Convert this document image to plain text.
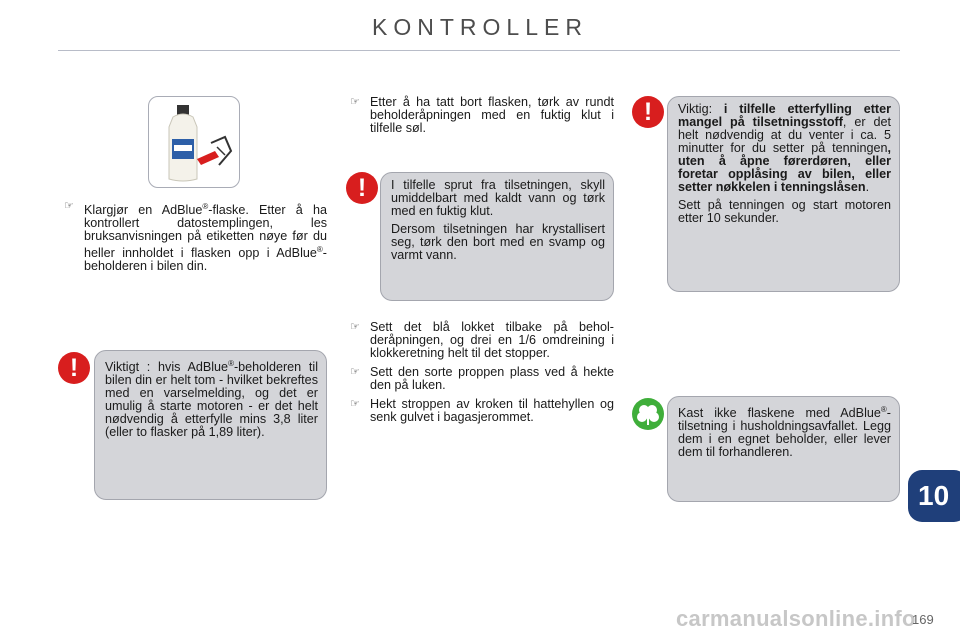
KONTROLLER
☞ Klargjør en AdBlue®-flaske. Etter å ha kontrollert datostemplingen, les bruksanvisningen på etiketten nøye før du heller innholdet i flasken opp i AdBlue®-beholderen i bilen din.

Viktigt : hvis AdBlue®-beholderen til bilen din er helt tom - hvilket bekreftes med en varselmelding, og det er umulig å starte motoren - er det helt nødvendig å etterfylle mins 3,8 liter (eller to flasker på 1,89 liter).

!
☞ Etter å ha tatt bort flasken, tørk av rundt beholderåpningen med en fuktig klut i tilfelle søl.

I tilfelle sprut fra tilsetningen, skyll umiddelbart med kaldt vann og tørk med en fuktig klut.

Dersom tilsetningen har krystallisert seg, tørk den bort med en svamp og varmt vann.

!
☞ Sett det blå lokket tilbake på beholderåpningen, og drei en 1/6 omdreining i klokkeretning helt til det stopper.
☞ Sett den sorte proppen plass ved å hekte den på luken.
☞ Hekt stroppen av kroken til hattehyllen og senk gulvet i bagasjerommet.

Viktig: i tilfelle etterfylling etter mangel på tilsetningsstoff, er det helt nødvendig at du venter i ca. 5 minutter for du setter på tenningen, uten å åpne førerdøren, eller foretar opplåsing av bilen, eller setter nøkkelen i tenningslåsen.

Sett på tenningen og start motoren etter 10 sekunder.

!

Kast ikke flaskene med AdBlue®-tilsetning i husholdningsavfallet. Legg dem i en egnet beholder, eller lever dem til forhandleren.

10
carmanualsonline.info
169
